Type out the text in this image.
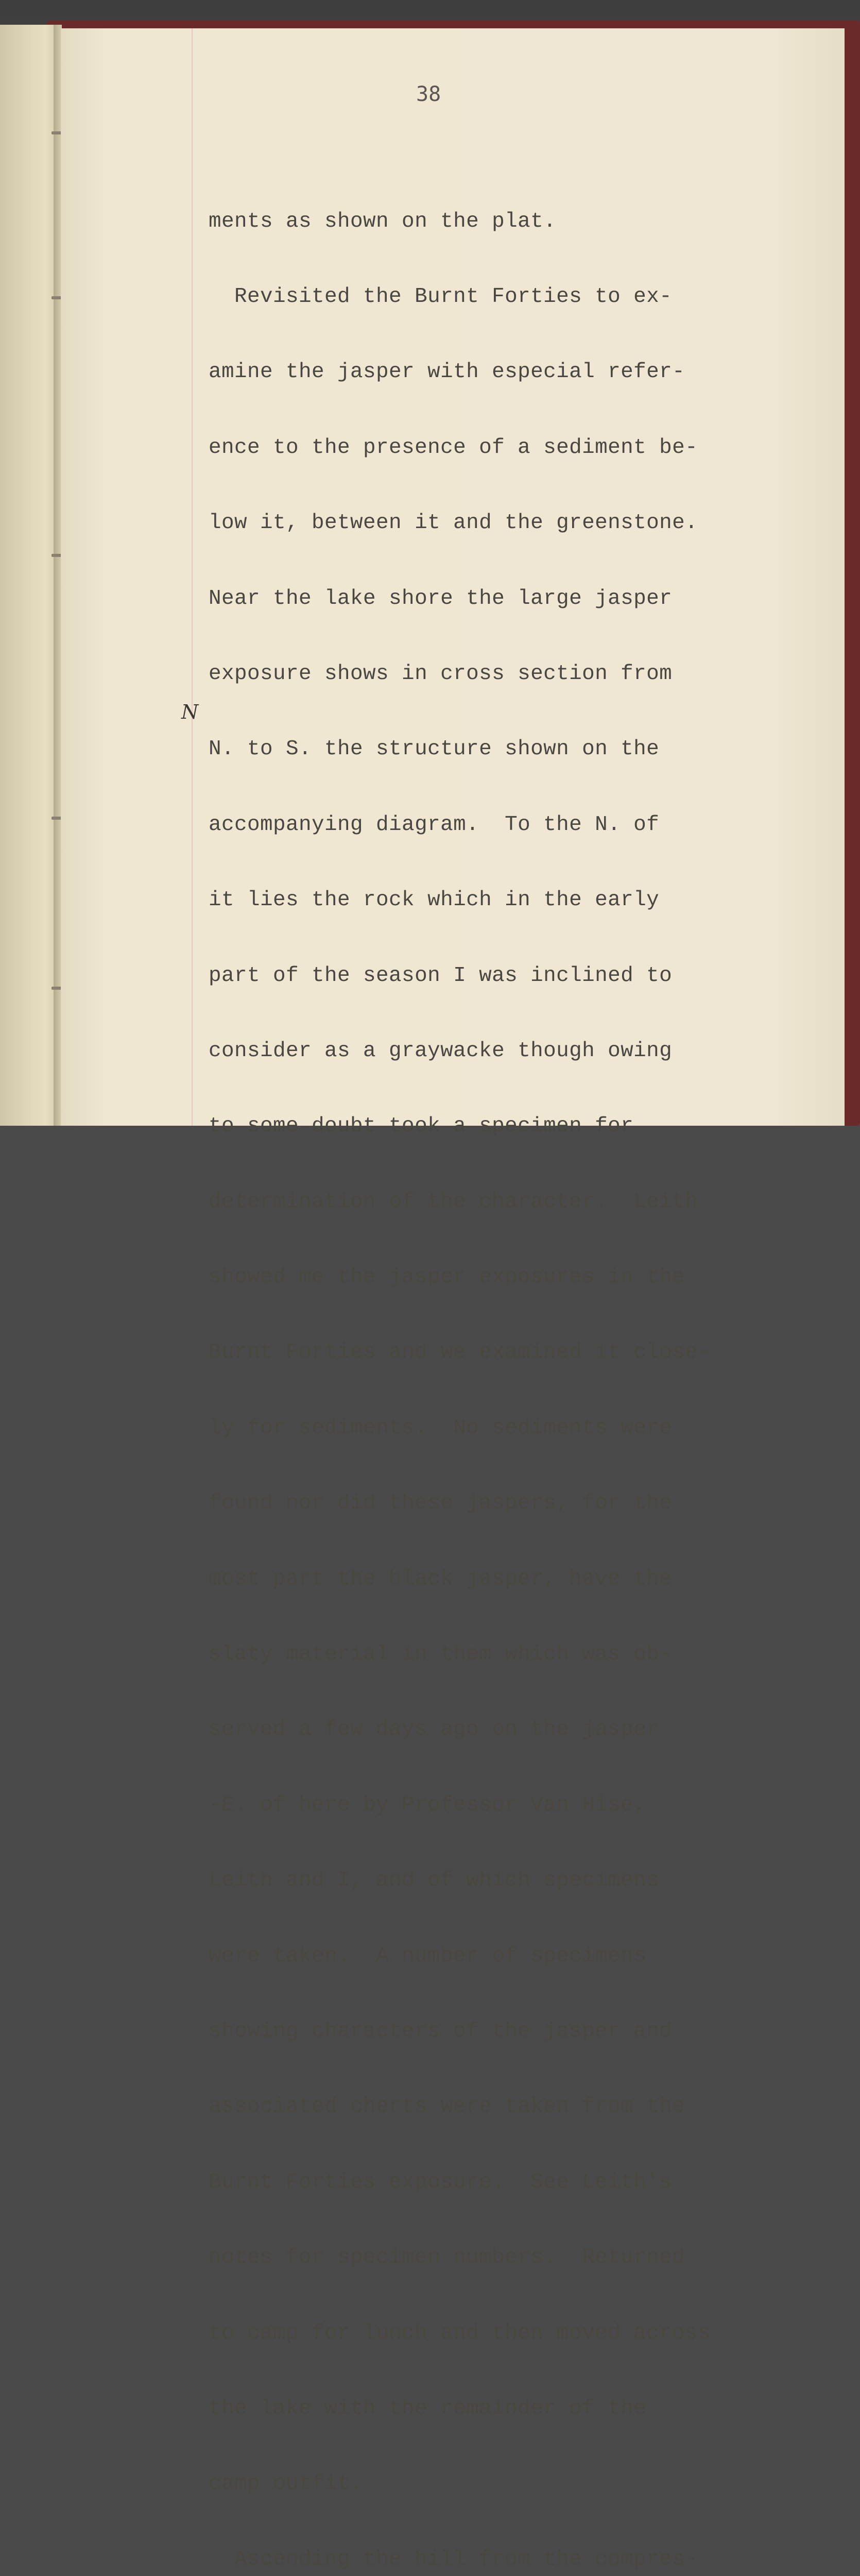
38
N

ments as shown on the plat.

Revisited the Burnt Forties to ex-

amine the jasper with especial refer-

ence to the presence of a sediment be-

low it, between it and the greenstone.

Near the lake shore the large jasper

exposure shows in cross section from

N. to S. the structure shown on the

accompanying diagram.  To the N. of

it lies the rock which in the early

part of the season I was inclined to

consider as a graywacke though owing

to some doubt took a specimen for

determination of the character.  Leith

showed me the jasper exposures in the

Burnt Forties and we examined it close-

ly for sediments.  No sediments were

found nor did these jaspers, for the

most part the black jasper, have the

slaty material in them which was ob-

served a few days ago on the jasper

-E. of here by Professor Van Hise,

Leith and I, and of which specimens

were taken.  A number of specimens

showing characters of the jasper and

associated cherts were taken from the

Burnt Forties exposure.  See Leith's

notes for specimen numbers.  Returned

to camp for lunch and then moved across

the lake with the remainder of the

camp outfit.

Ascending the hill from the compres-
